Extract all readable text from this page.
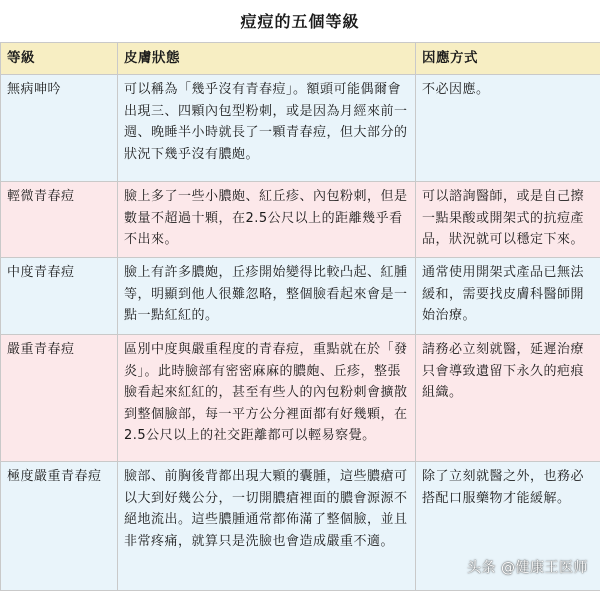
痘痘的五個等級
等級	皮膚狀態	因應方式
無病呻吟	可以稱為「幾乎沒有青春痘」。額頭可能偶爾會出現三、四顆內包型粉刺，或是因為月經來前一週、晚睡半小時就長了一顆青春痘，但大部分的狀況下幾乎沒有膿皰。	不必因應。
輕微青春痘	臉上多了一些小膿皰、紅丘疹、內包粉刺，但是數量不超過十顆，在2.5公尺以上的距離幾乎看不出來。	可以諮詢醫師，或是自己擦一點果酸或開架式的抗痘產品，狀況就可以穩定下來。
中度青春痘	臉上有許多膿皰，丘疹開始變得比較凸起、紅腫等，明顯到他人很難忽略，整個臉看起來會是一點一點紅紅的。	通常使用開架式產品已無法緩和，需要找皮膚科醫師開始治療。
嚴重青春痘	區別中度與嚴重程度的青春痘，重點就在於「發炎」。此時臉部有密密麻麻的膿皰、丘疹，整張臉看起來紅紅的，甚至有些人的內包粉刺會擴散到整個臉部，每一平方公分裡面都有好幾顆，在2.5公尺以上的社交距離都可以輕易察覺。	請務必立刻就醫，延遲治療只會導致遺留下永久的疤痕組織。
極度嚴重青春痘	臉部、前胸後背都出現大顆的囊腫，這些膿瘡可以大到好幾公分，一切開膿瘡裡面的膿會源源不絕地流出。這些膿腫通常都佈滿了整個臉，並且非常疼痛，就算只是洗臉也會造成嚴重不適。	除了立刻就醫之外，也務必搭配口服藥物才能緩解。
头条 @健康王医师
